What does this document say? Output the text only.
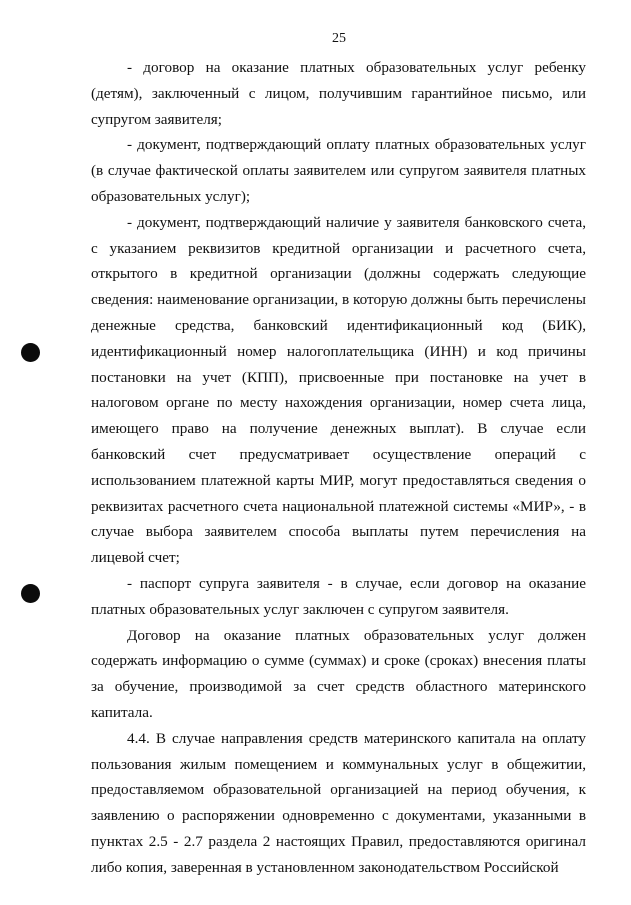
25

- договор на оказание платных образовательных услуг ребенку (детям), заключенный с лицом, получившим гарантийное письмо, или супругом заявителя;

- документ, подтверждающий оплату платных образовательных услуг (в случае фактической оплаты заявителем или супругом заявителя платных образовательных услуг);

- документ, подтверждающий наличие у заявителя банковского счета, с указанием реквизитов кредитной организации и расчетного счета, открытого в кредитной организации (должны содержать следующие сведения: наименование организации, в которую должны быть перечислены денежные средства, банковский идентификационный код (БИК), идентификационный номер налогоплательщика (ИНН) и код причины постановки на учет (КПП), присвоенные при постановке на учет в налоговом органе по месту нахождения организации, номер счета лица, имеющего право на получение денежных выплат). В случае если банковский счет предусматривает осуществление операций с использованием платежной карты МИР, могут предоставляться сведения о реквизитах расчетного счета национальной платежной системы «МИР», - в случае выбора заявителем способа выплаты путем перечисления на лицевой счет;

- паспорт супруга заявителя - в случае, если договор на оказание платных образовательных услуг заключен с супругом заявителя.

Договор на оказание платных образовательных услуг должен содержать информацию о сумме (суммах) и сроке (сроках) внесения платы за обучение, производимой за счет средств областного материнского капитала.

4.4. В случае направления средств материнского капитала на оплату пользования жилым помещением и коммунальных услуг в общежитии, предоставляемом образовательной организацией на период обучения, к заявлению о распоряжении одновременно с документами, указанными в пунктах 2.5 - 2.7 раздела 2 настоящих Правил, предоставляются оригинал либо копия, заверенная в установленном законодательством Российской
